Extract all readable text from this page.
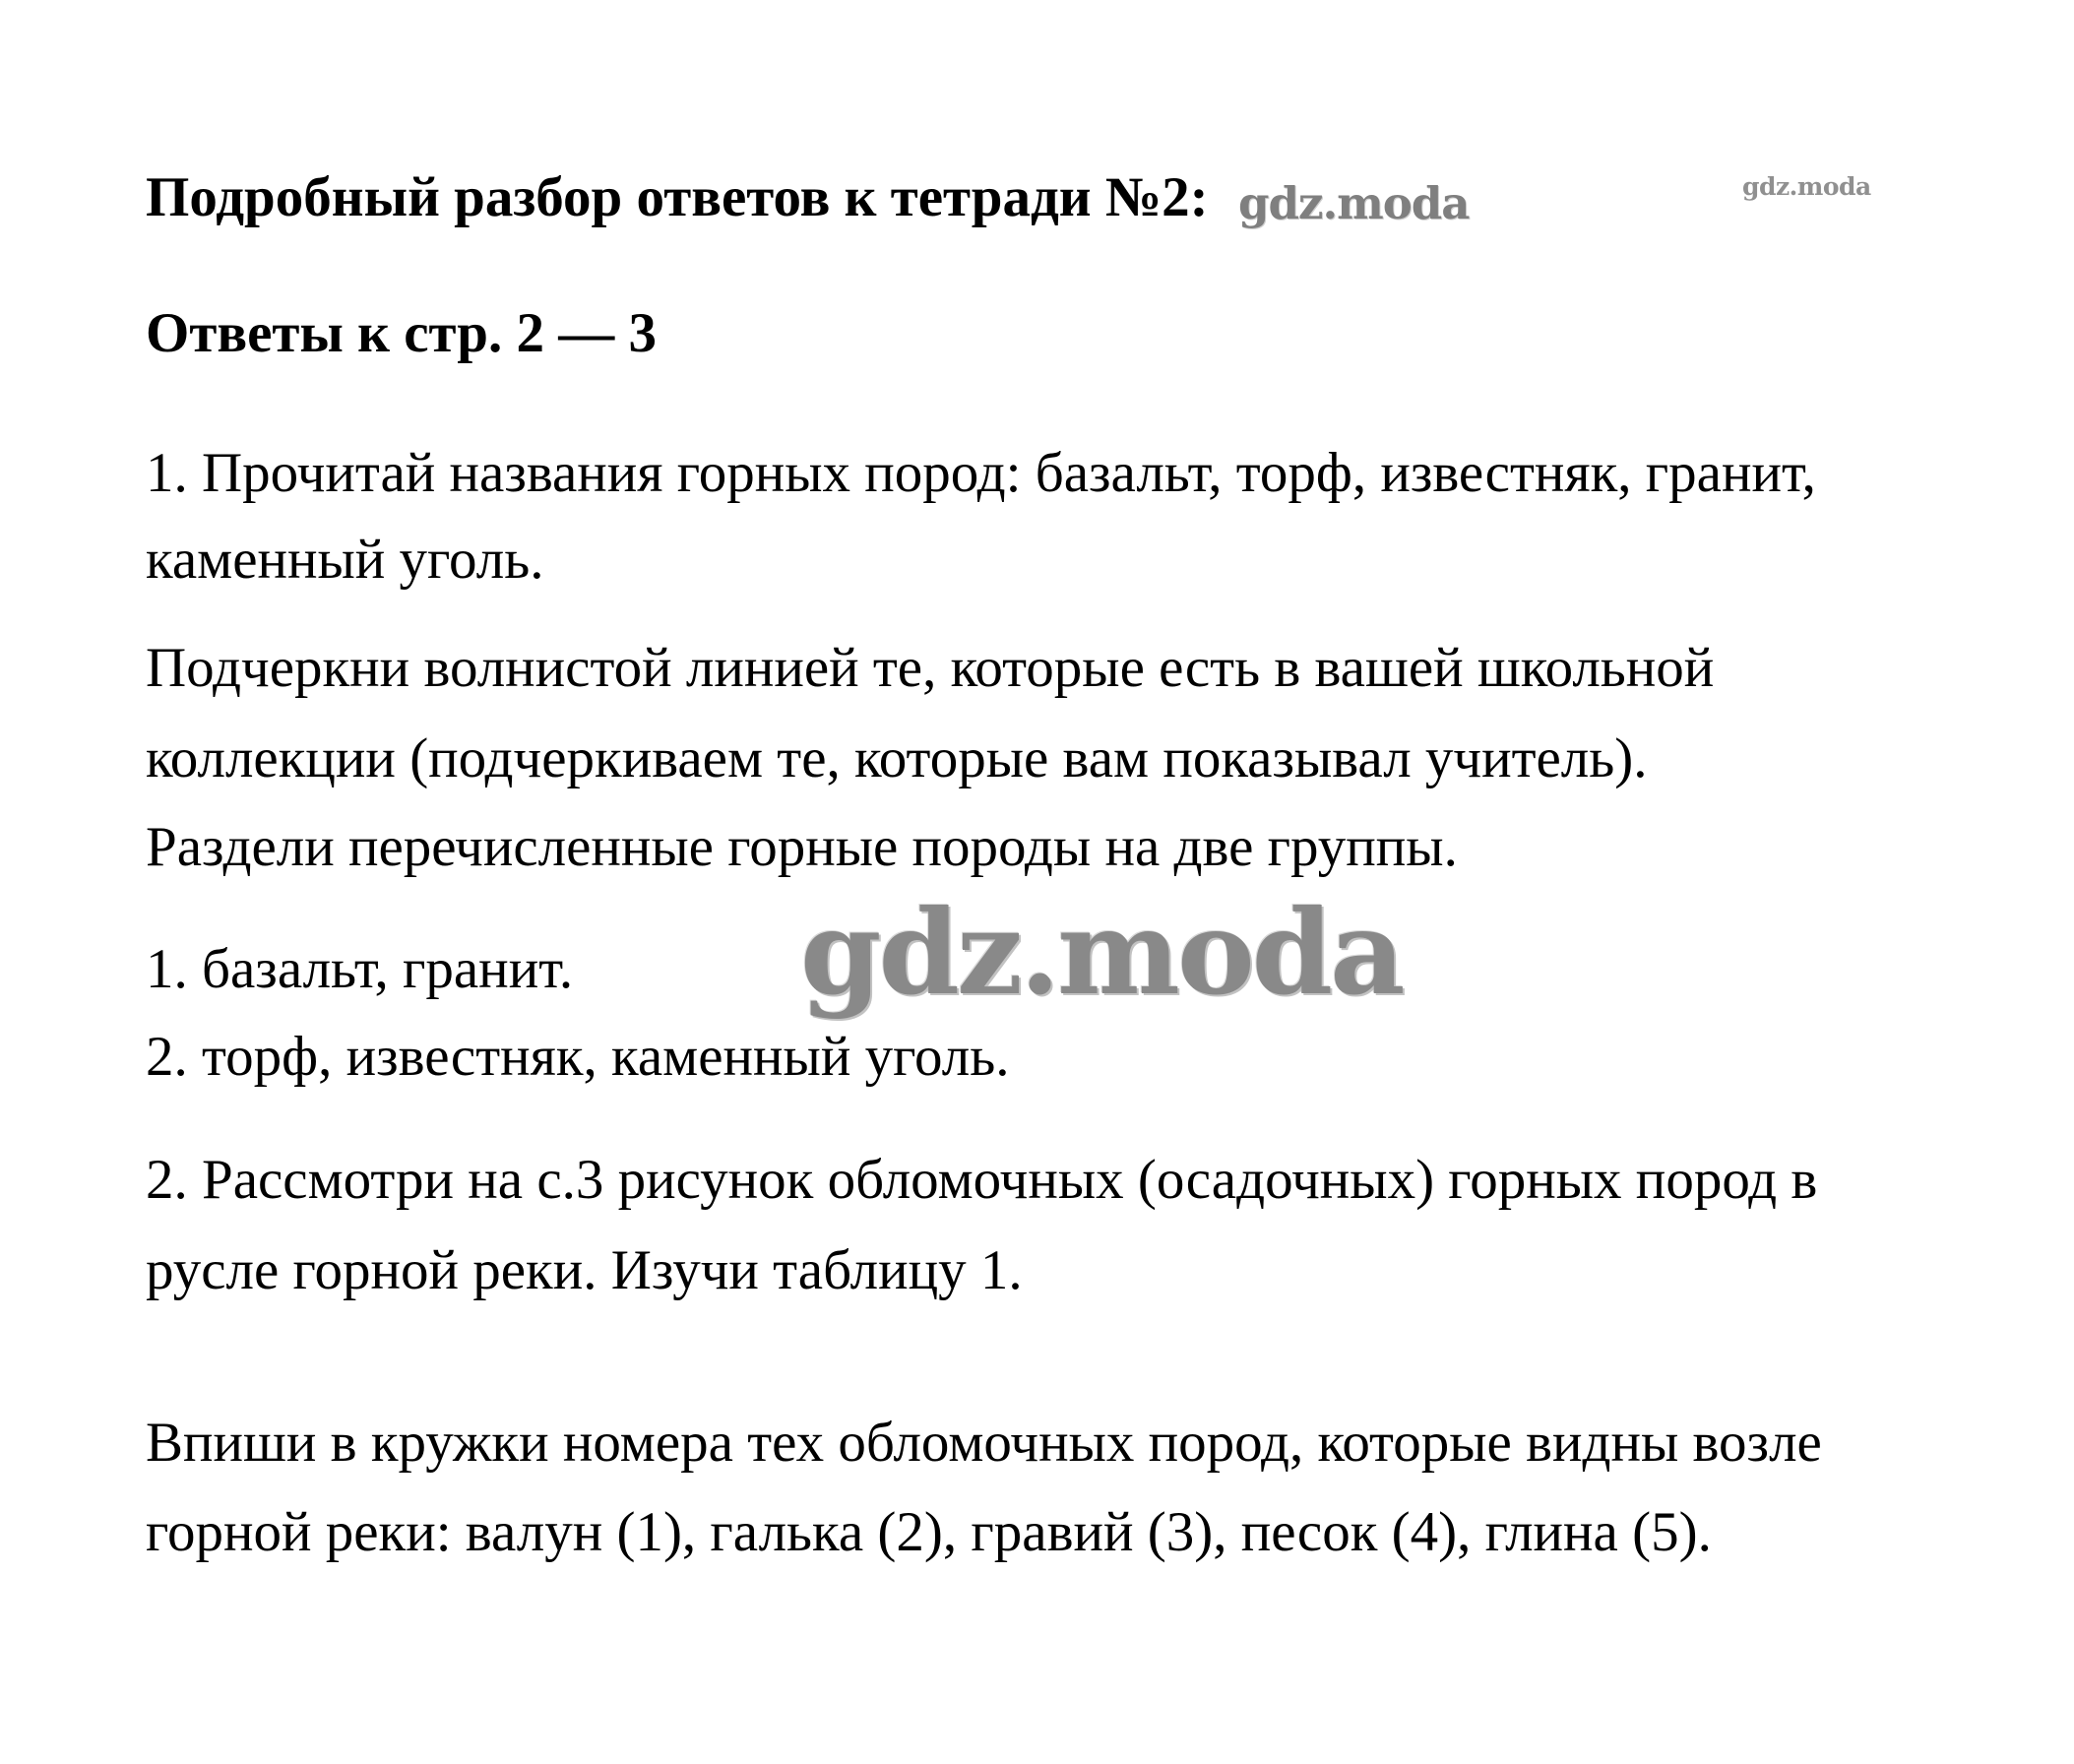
Подробный разбор ответов к тетради №2: gdz.moda	gdz.moda

Ответы к стр. 2 — 3

1. Прочитай названия горных пород: базальт, торф, известняк, гранит,

каменный уголь.

Подчеркни волнистой линией те, которые есть в вашей школьной

коллекции (подчеркиваем те, которые вам показывал учитель).

Раздели перечисленные горные породы на две группы.

gdz.moda

1. базальт, гранит.

2. торф, известняк, каменный уголь.

2. Рассмотри на с.3 рисунок обломочных (осадочных) горных пород в

русле горной реки. Изучи таблицу 1.

Впиши в кружки номера тех обломочных пород, которые видны возле

горной реки: валун (1), галька (2), гравий (3), песок (4), глина (5).
